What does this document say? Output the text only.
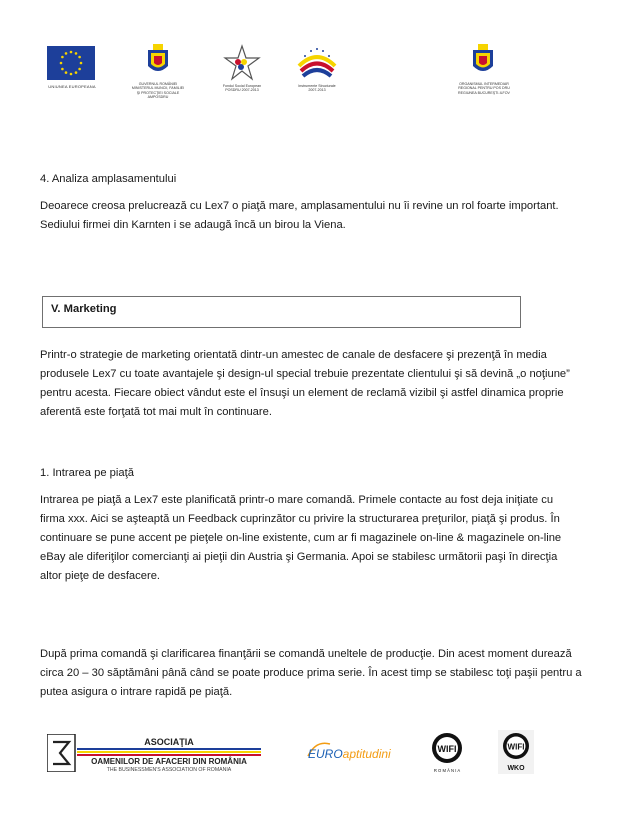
UNIUNEA EUROPEANA	GUVERNUL ROMÂNIEI
MINISTERUL MUNCII, FAMILIEI
ŞI PROTECŢIEI SOCIALE
AMPOSDRU
Fondul Social European
POSDRU 2007-2013
Instrumente Structurale
2007-2013
ORGANISMUL INTERMEDIAR
REGIONAL PENTRU POS DRU
REGIUNEA BUCUREŞTI-ILFOV
4. Analiza amplasamentului
Deoarece creosa prelucrează cu Lex7 o piaţă mare, amplasamentului nu îi revine un rol foarte important.
Sediului firmei din Karnten i se adaugă încă un birou la Viena.
V. Marketing
Printr-o strategie de marketing orientată dintr-un amestec de canale de desfacere şi prezenţă în media
produsele Lex7 cu toate avantajele şi design-ul special trebuie prezentate clientului şi să devină „o noţiune”
pentru acesta. Fiecare obiect vândut este el însuşi un element de reclamă vizibil şi astfel dinamica proprie
aferentă este forţată tot mai mult în continuare.
1. Intrarea pe piaţă
Intrarea pe piaţă a Lex7 este planificată printr-o mare comandă. Primele contacte au fost deja iniţiate cu
firma xxx. Aici se aşteaptă un Feedback cuprinzător cu privire la structurarea preţurilor, piaţă şi produs. În
continuare se pune accent pe pieţele on-line existente, cum ar fi magazinele on-line & magazinele on-line
eBay ale diferiţilor comercianţi ai pieţii din Austria şi Germania. Apoi se stabilesc următorii paşi în direcţia
altor pieţe de desfacere.
După prima comandă şi clarificarea finanţării se comandă uneltele de producţie. Din acest moment durează
circa 20 – 30 săptămâni până când se poate produce prima serie. În acest timp se stabilesc toţi paşii pentru a
putea asigura o intrare rapidă pe piaţă.
ASOCIAŢIA
OAMENILOR DE AFACERI DIN ROMÂNIA
THE BUSINESSMEN'S ASSOCIATION OF ROMANIA
EUROaptitudini	WIFI
R O M Â N I A
WIFI
WKO
